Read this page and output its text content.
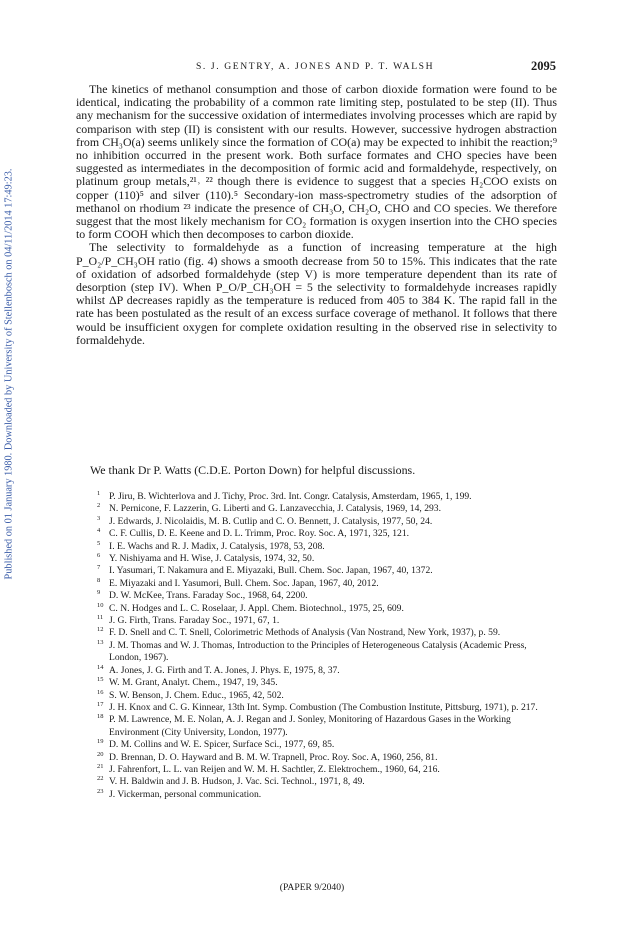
Published on 01 January 1980. Downloaded by University of Stellenbosch on 04/11/2014 17:49:23.
S. J. GENTRY, A. JONES AND P. T. WALSH	2095

The kinetics of methanol consumption and those of carbon dioxide formation were found to be identical, indicating the probability of a common rate limiting step, postulated to be step (II). Thus any mechanism for the successive oxidation of intermediates involving processes which are rapid by comparison with step (II) is consistent with our results. However, successive hydrogen abstraction from CH₃O(a) seems unlikely since the formation of CO(a) may be expected to inhibit the reaction;⁹ no inhibition occurred in the present work. Both surface formates and CHO species have been suggested as intermediates in the decomposition of formic acid and formaldehyde, respectively, on platinum group metals,²¹˒ ²² though there is evidence to suggest that a species H₂COO exists on copper (110)⁵ and silver (110).⁵ Secondary-ion mass-spectrometry studies of the adsorption of methanol on rhodium ²³ indicate the presence of CH₃O, CH₂O, CHO and CO species. We therefore suggest that the most likely mechanism for CO₂ formation is oxygen insertion into the CHO species to form COOH which then decomposes to carbon dioxide.

The selectivity to formaldehyde as a function of increasing temperature at the high P_O₂/P_CH₃OH ratio (fig. 4) shows a smooth decrease from 50 to 15%. This indicates that the rate of oxidation of adsorbed formaldehyde (step V) is more temperature dependent than its rate of desorption (step IV). When P_O/P_CH₃OH = 5 the selectivity to formaldehyde increases rapidly whilst ΔP decreases rapidly as the temperature is reduced from 405 to 384 K. The rapid fall in the rate has been postulated as the result of an excess surface coverage of methanol. It follows that there would be insufficient oxygen for complete oxidation resulting in the observed rise in selectivity to formaldehyde.

We thank Dr P. Watts (C.D.E. Porton Down) for helpful discussions.
1 P. Jiru, B. Wichterlova and J. Tichy, Proc. 3rd. Int. Congr. Catalysis, Amsterdam, 1965, 1, 199.
2 N. Pernicone, F. Lazzerin, G. Liberti and G. Lanzavecchia, J. Catalysis, 1969, 14, 293.
3 J. Edwards, J. Nicolaidis, M. B. Cutlip and C. O. Bennett, J. Catalysis, 1977, 50, 24.
4 C. F. Cullis, D. E. Keene and D. L. Trimm, Proc. Roy. Soc. A, 1971, 325, 121.
5 I. E. Wachs and R. J. Madix, J. Catalysis, 1978, 53, 208.
6 Y. Nishiyama and H. Wise, J. Catalysis, 1974, 32, 50.
7 I. Yasumari, T. Nakamura and E. Miyazaki, Bull. Chem. Soc. Japan, 1967, 40, 1372.
8 E. Miyazaki and I. Yasumori, Bull. Chem. Soc. Japan, 1967, 40, 2012.
9 D. W. McKee, Trans. Faraday Soc., 1968, 64, 2200.
10 C. N. Hodges and L. C. Roselaar, J. Appl. Chem. Biotechnol., 1975, 25, 609.
11 J. G. Firth, Trans. Faraday Soc., 1971, 67, 1.
12 F. D. Snell and C. T. Snell, Colorimetric Methods of Analysis (Van Nostrand, New York, 1937), p. 59.
13 J. M. Thomas and W. J. Thomas, Introduction to the Principles of Heterogeneous Catalysis (Academic Press, London, 1967).
14 A. Jones, J. G. Firth and T. A. Jones, J. Phys. E, 1975, 8, 37.
15 W. M. Grant, Analyt. Chem., 1947, 19, 345.
16 S. W. Benson, J. Chem. Educ., 1965, 42, 502.
17 J. H. Knox and C. G. Kinnear, 13th Int. Symp. Combustion (The Combustion Institute, Pittsburg, 1971), p. 217.
18 P. M. Lawrence, M. E. Nolan, A. J. Regan and J. Sonley, Monitoring of Hazardous Gases in the Working Environment (City University, London, 1977).
19 D. M. Collins and W. E. Spicer, Surface Sci., 1977, 69, 85.
20 D. Brennan, D. O. Hayward and B. M. W. Trapnell, Proc. Roy. Soc. A, 1960, 256, 81.
21 J. Fahrenfort, L. L. van Reijen and W. M. H. Sachtler, Z. Elektrochem., 1960, 64, 216.
22 V. H. Baldwin and J. B. Hudson, J. Vac. Sci. Technol., 1971, 8, 49.
23 J. Vickerman, personal communication.
(PAPER 9/2040)
